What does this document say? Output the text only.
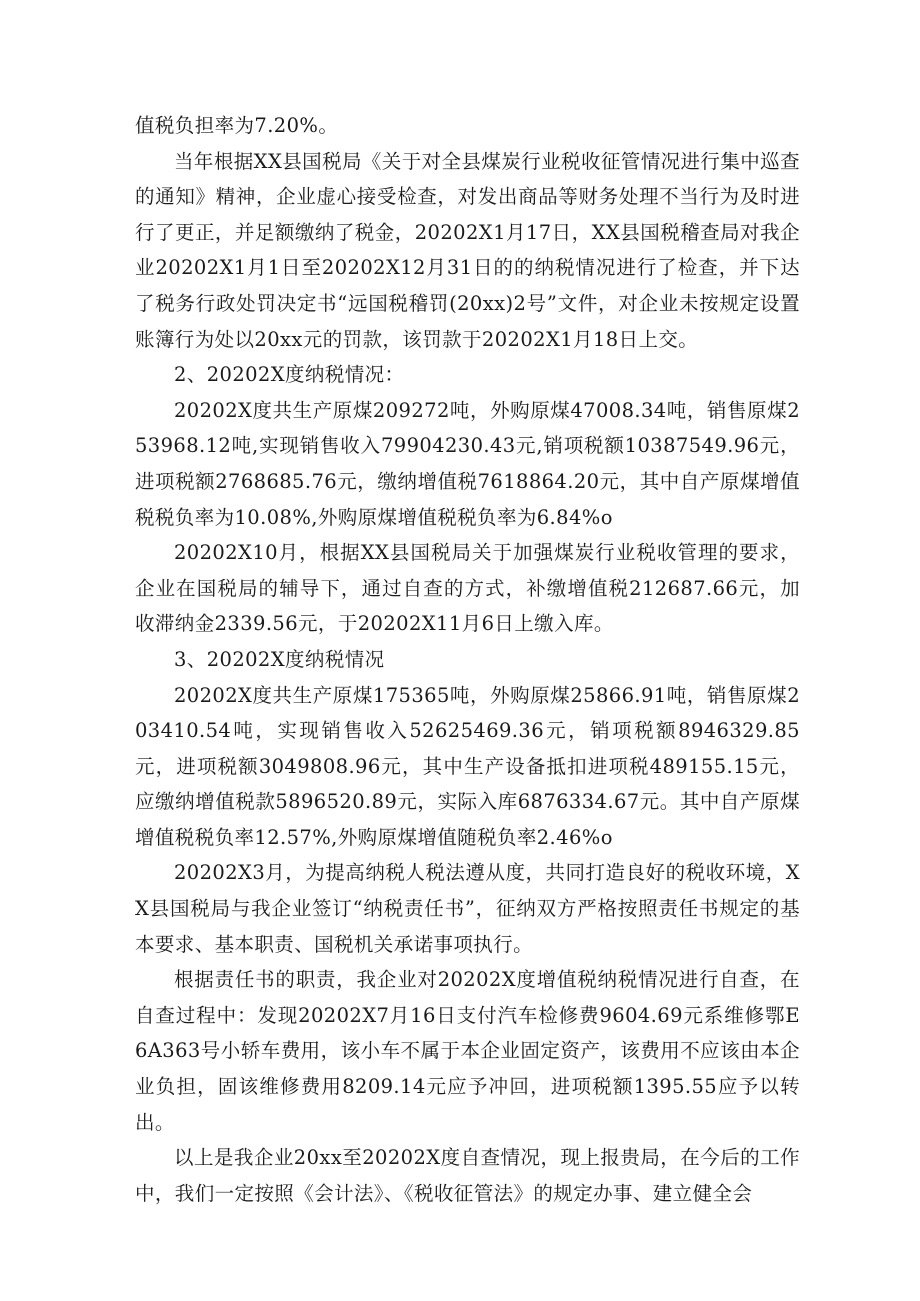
值税负担率为7.20%。

当年根据XX县国税局《关于对全县煤炭行业税收征管情况进行集中巡查的通知》精神，企业虚心接受检查，对发出商品等财务处理不当行为及时进行了更正，并足额缴纳了税金，20202X1月17日，XX县国税稽查局对我企业20202X1月1日至20202X12月31日的的纳税情况进行了检查，并下达了税务行政处罚决定书“远国税稽罚(20xx)2号”文件，对企业未按规定设置账簿行为处以20xx元的罚款，该罚款于20202X1月18日上交。

2、20202X度纳税情况：

20202X度共生产原煤209272吨，外购原煤47008.34吨，销售原煤253968.12吨,实现销售收入79904230.43元,销项税额10387549.96元，进项税额2768685.76元，缴纳增值税7618864.20元，其中自产原煤增值税税负率为10.08%,外购原煤增值税税负率为6.84%o

20202X10月，根据XX县国税局关于加强煤炭行业税收管理的要求，企业在国税局的辅导下，通过自查的方式，补缴增值税212687.66元，加收滞纳金2339.56元，于20202X11月6日上缴入库。

3、20202X度纳税情况

20202X度共生产原煤175365吨，外购原煤25866.91吨，销售原煤203410.54吨，实现销售收入52625469.36元，销项税额8946329.85元，进项税额3049808.96元，其中生产设备抵扣进项税489155.15元，应缴纳增值税款5896520.89元，实际入库6876334.67元。其中自产原煤增值税税负率12.57%,外购原煤增值随税负率2.46%o

20202X3月，为提高纳税人税法遵从度，共同打造良好的税收环境，XX县国税局与我企业签订“纳税责任书”，征纳双方严格按照责任书规定的基本要求、基本职责、国税机关承诺事项执行。

根据责任书的职责，我企业对20202X度增值税纳税情况进行自查，在自查过程中：发现20202X7月16日支付汽车检修费9604.69元系维修鄂E6A363号小轿车费用，该小车不属于本企业固定资产，该费用不应该由本企业负担，固该维修费用8209.14元应予冲回，进项税额1395.55应予以转出。

以上是我企业20xx至20202X度自查情况，现上报贵局，在今后的工作中，我们一定按照《会计法》、《税收征管法》的规定办事、建立健全会
